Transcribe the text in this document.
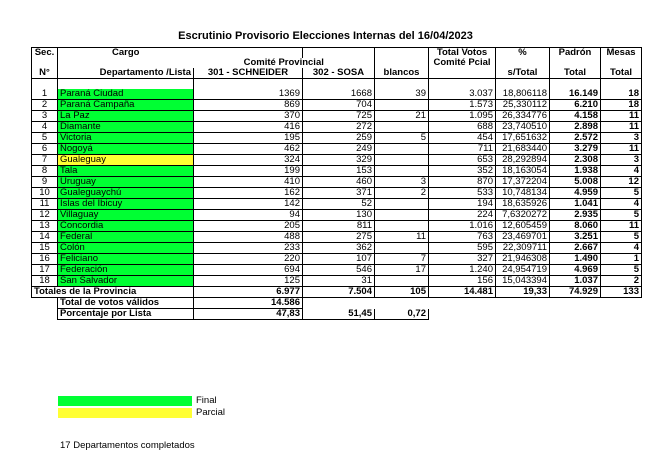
Escrutinio Provisorio Elecciones Internas del 16/04/2023
Sec.	Cargo				Total Votos	%	Padrón	Mesas
		Comité Provincial			Comité Pcial			
N°	Departamento /Lista	301 - SCHNEIDER	302 - SOSA	blancos		s/Total	Total	Total

1	Paraná Ciudad	1369	1668	39	3.037	18,806118	16.149	18
2	Paraná Campaña	869	704		1.573	25,330112	6.210	18
3	La Paz	370	725	21	1.095	26,334776	4.158	11
4	Diamante	416	272		688	23,740510	2.898	11
5	Victoria	195	259	5	454	17,651632	2.572	3
6	Nogoyá	462	249		711	21,683440	3.279	11
7	Gualeguay	324	329		653	28,292894	2.308	3
8	Tala	199	153		352	18,163054	1.938	4
9	Uruguay	410	460	3	870	17,372204	5.008	12
10	Gualeguaychú	162	371	2	533	10,748134	4.959	5
11	Islas del Ibicuy	142	52		194	18,635926	1.041	4
12	Villaguay	94	130		224	7,6320272	2.935	5
13	Concordia	205	811		1.016	12,605459	8.060	11
14	Federal	488	275	11	763	23,469701	3.251	5
15	Colón	233	362		595	22,309711	2.667	4
16	Feliciano	220	107	7	327	21,946308	1.490	1
17	Federación	694	546	17	1.240	24,954719	4.969	5
18	San Salvador	125	31		156	15,043394	1.037	2
Totales de la Provincia		6.977	7.504	105	14.481	19,33	74.929	133
	Total de votos válidos	14.586						
	Porcentaje por Lista	47,83	51,45	0,72				
Final
Parcial
17 Departamentos completados
